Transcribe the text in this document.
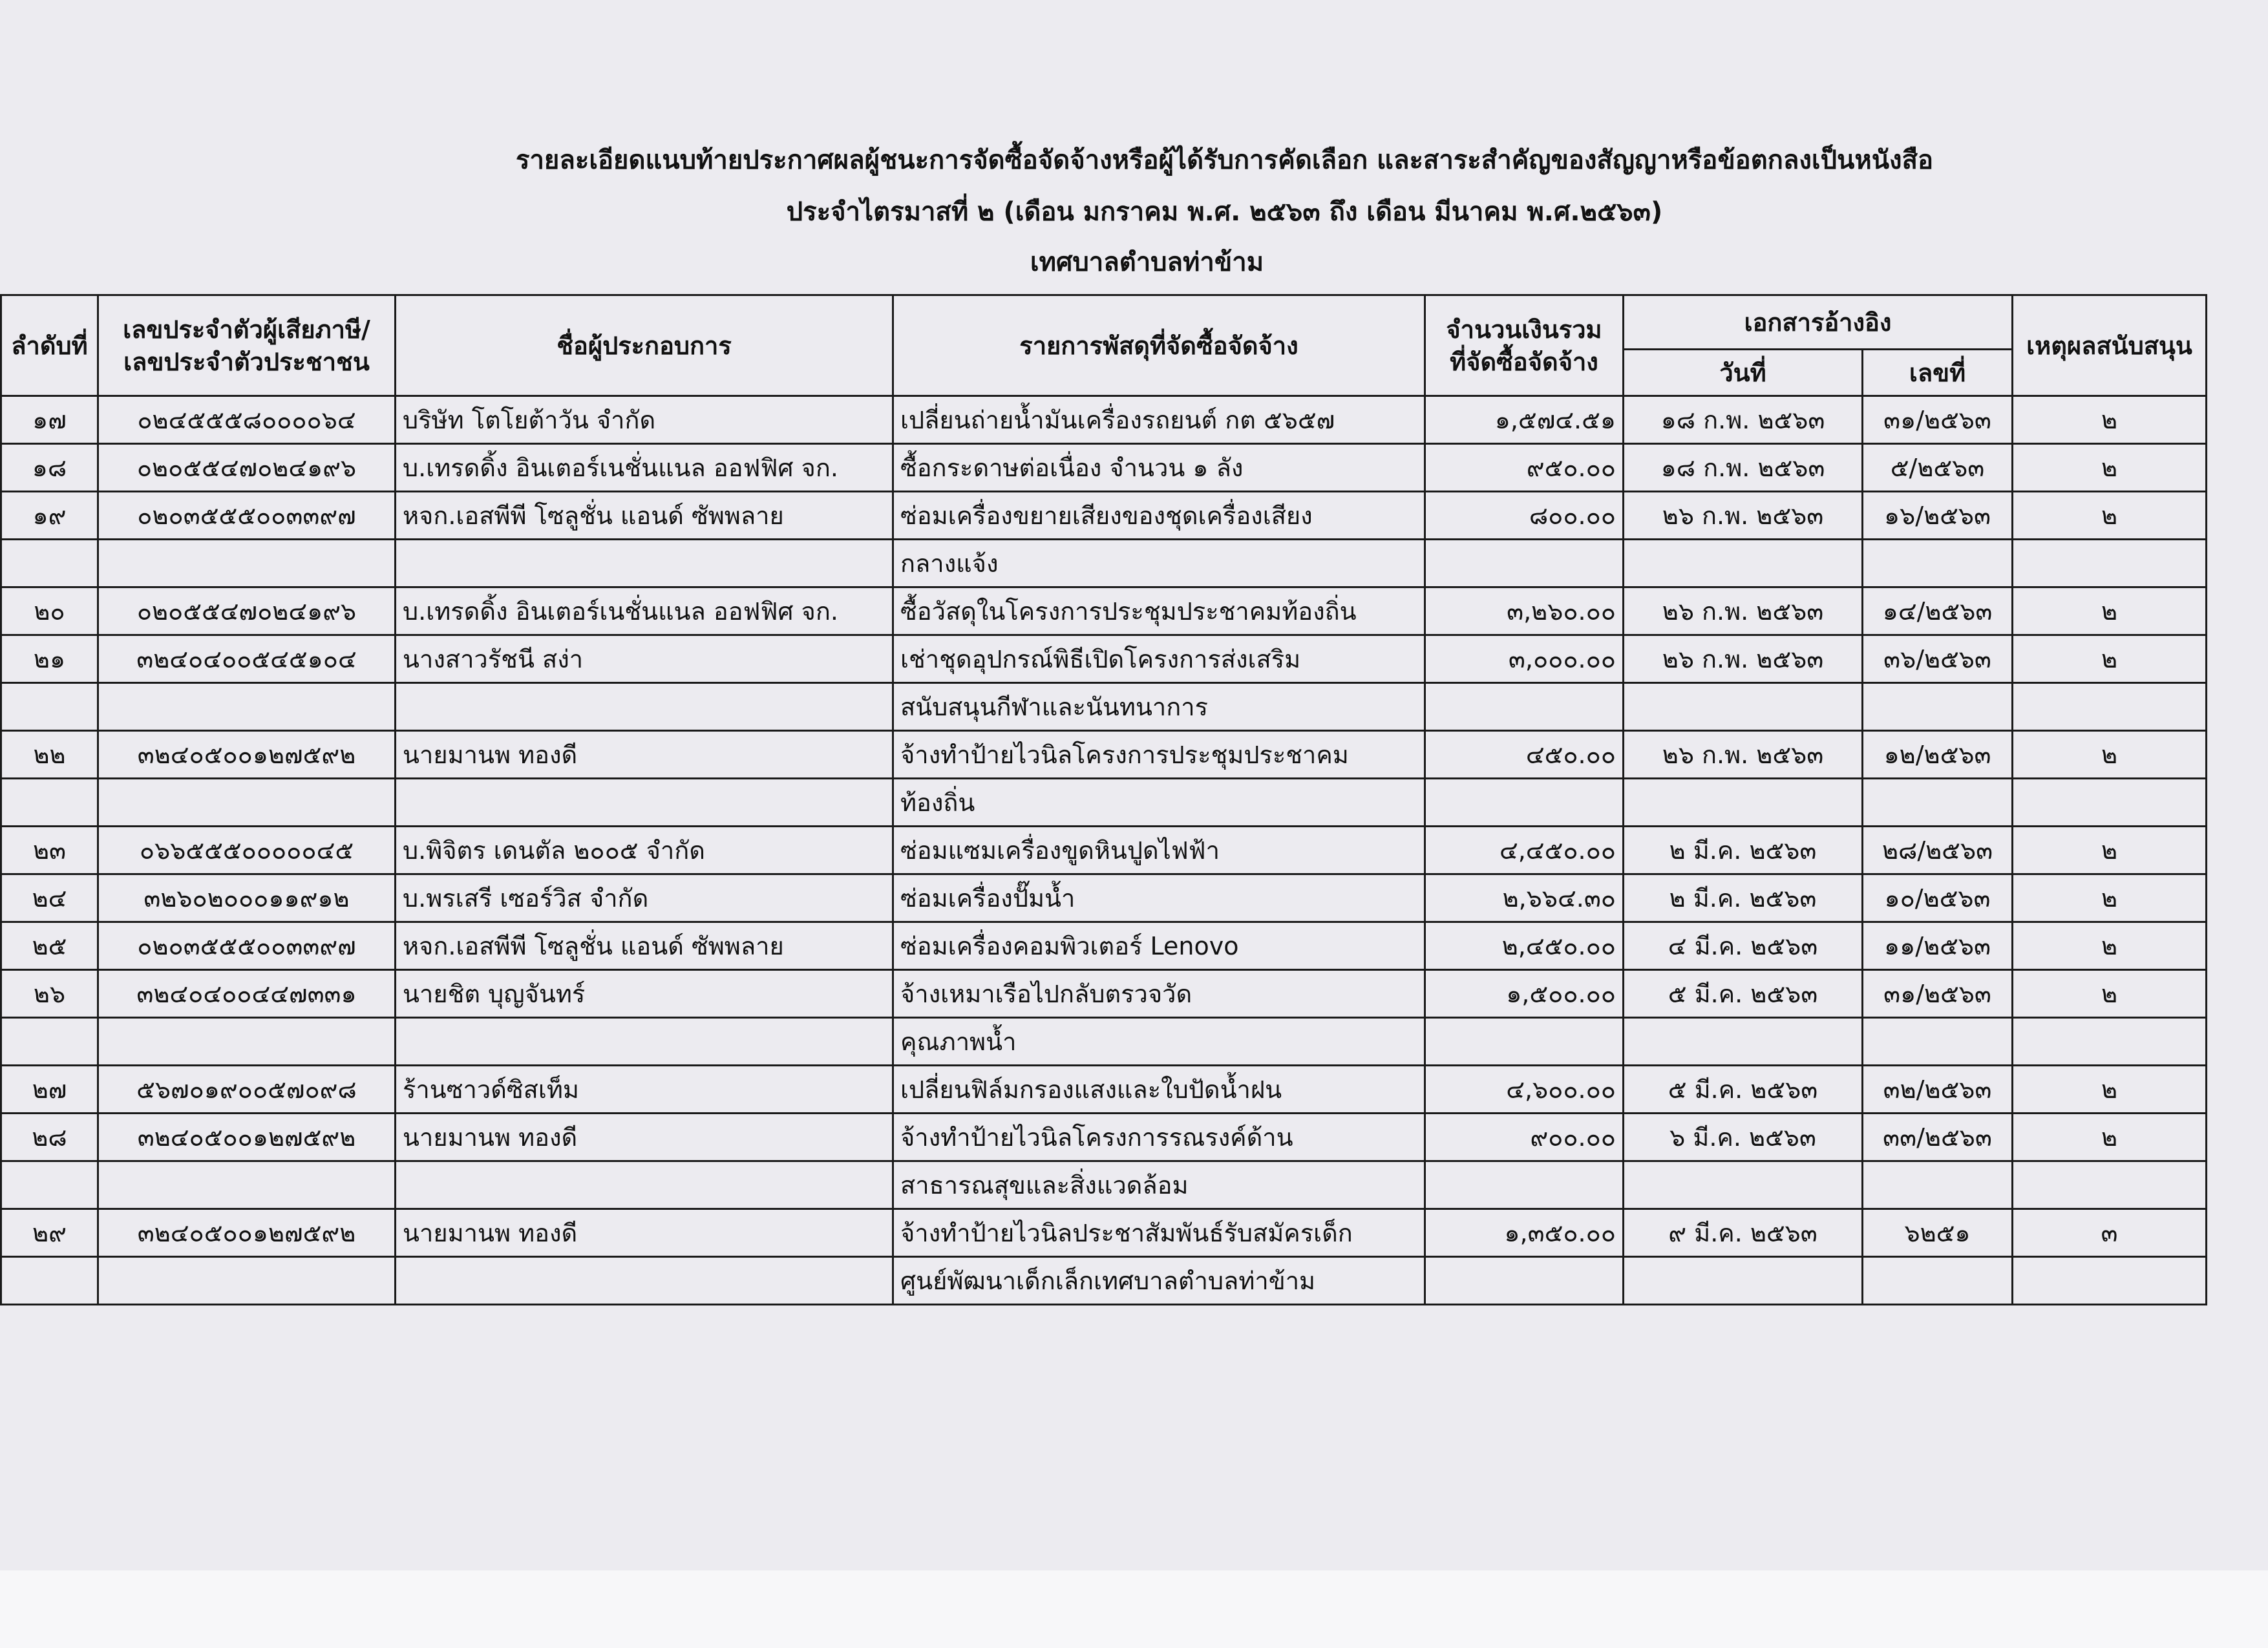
รายละเอียดแนบท้ายประกาศผลผู้ชนะการจัดซื้อจัดจ้างหรือผู้ได้รับการคัดเลือก และสาระสำคัญของสัญญาหรือข้อตกลงเป็นหนังสือ

ประจำไตรมาสที่ ๒ (เดือน มกราคม พ.ศ. ๒๕๖๓ ถึง เดือน มีนาคม พ.ศ.๒๕๖๓)

เทศบาลตำบลท่าข้าม

ลำดับที่	เลขประจำตัวผู้เสียภาษี/
เลขประจำตัวประชาชน	ชื่อผู้ประกอบการ	รายการพัสดุที่จัดซื้อจัดจ้าง	จำนวนเงินรวม
ที่จัดซื้อจัดจ้าง	เอกสารอ้างอิง		เหตุผลสนับสนุน
					วันที่	เลขที่	
๑๗	๐๒๔๕๕๕๘๐๐๐๐๖๔	บริษัท โตโยต้าวัน จำกัด	เปลี่ยนถ่ายน้ำมันเครื่องรถยนต์ กต ๕๖๕๗	๑,๕๗๔.๕๑	๑๘ ก.พ. ๒๕๖๓	๓๑/๒๕๖๓	๒
๑๘	๐๒๐๕๕๔๗๐๒๔๑๙๖	บ.เทรดดิ้ง อินเตอร์เนชั่นแนล ออฟฟิศ จก.	ซื้อกระดาษต่อเนื่อง จำนวน ๑ ลัง	๙๕๐.๐๐	๑๘ ก.พ. ๒๕๖๓	๕/๒๕๖๓	๒
๑๙	๐๒๐๓๕๕๕๐๐๓๓๙๗	หจก.เอสพีพี โซลูชั่น แอนด์ ซัพพลาย	ซ่อมเครื่องขยายเสียงของชุดเครื่องเสียง	๘๐๐.๐๐	๒๖ ก.พ. ๒๕๖๓	๑๖/๒๕๖๓	๒
			กลางแจ้ง				
๒๐	๐๒๐๕๕๔๗๐๒๔๑๙๖	บ.เทรดดิ้ง อินเตอร์เนชั่นแนล ออฟฟิศ จก.	ซื้อวัสดุในโครงการประชุมประชาคมท้องถิ่น	๓,๒๖๐.๐๐	๒๖ ก.พ. ๒๕๖๓	๑๔/๒๕๖๓	๒
๒๑	๓๒๔๐๔๐๐๕๔๕๑๐๔	นางสาวรัชนี สง่า	เช่าชุดอุปกรณ์พิธีเปิดโครงการส่งเสริม	๓,๐๐๐.๐๐	๒๖ ก.พ. ๒๕๖๓	๓๖/๒๕๖๓	๒
			สนับสนุนกีฬาและนันทนาการ				
๒๒	๓๒๔๐๕๐๐๑๒๗๕๙๒	นายมานพ ทองดี	จ้างทำป้ายไวนิลโครงการประชุมประชาคม	๔๕๐.๐๐	๒๖ ก.พ. ๒๕๖๓	๑๒/๒๕๖๓	๒
			ท้องถิ่น				
๒๓	๐๖๖๕๕๕๐๐๐๐๐๔๕	บ.พิจิตร เดนตัล ๒๐๐๕ จำกัด	ซ่อมแซมเครื่องขูดหินปูดไฟฟ้า	๔,๔๕๐.๐๐	๒ มี.ค. ๒๕๖๓	๒๘/๒๕๖๓	๒
๒๔	๓๒๖๐๒๐๐๐๑๑๙๑๒	บ.พรเสรี เซอร์วิส จำกัด	ซ่อมเครื่องปั๊มน้ำ	๒,๖๖๔.๓๐	๒ มี.ค. ๒๕๖๓	๑๐/๒๕๖๓	๒
๒๕	๐๒๐๓๕๕๕๐๐๓๓๙๗	หจก.เอสพีพี โซลูชั่น แอนด์ ซัพพลาย	ซ่อมเครื่องคอมพิวเตอร์ Lenovo	๒,๔๕๐.๐๐	๔ มี.ค. ๒๕๖๓	๑๑/๒๕๖๓	๒
๒๖	๓๒๔๐๔๐๐๔๔๗๓๓๑	นายชิต บุญจันทร์	จ้างเหมาเรือไปกลับตรวจวัด	๑,๕๐๐.๐๐	๕ มี.ค. ๒๕๖๓	๓๑/๒๕๖๓	๒
			คุณภาพน้ำ				
๒๗	๕๖๗๐๑๙๐๐๕๗๐๙๘	ร้านซาวด์ซิสเท็ม	เปลี่ยนฟิล์มกรองแสงและใบปัดน้ำฝน	๔,๖๐๐.๐๐	๕ มี.ค. ๒๕๖๓	๓๒/๒๕๖๓	๒
๒๘	๓๒๔๐๕๐๐๑๒๗๕๙๒	นายมานพ ทองดี	จ้างทำป้ายไวนิลโครงการรณรงค์ด้าน	๙๐๐.๐๐	๖ มี.ค. ๒๕๖๓	๓๓/๒๕๖๓	๒
			สาธารณสุขและสิ่งแวดล้อม				
๒๙	๓๒๔๐๕๐๐๑๒๗๕๙๒	นายมานพ ทองดี	จ้างทำป้ายไวนิลประชาสัมพันธ์รับสมัครเด็ก	๑,๓๕๐.๐๐	๙ มี.ค. ๒๕๖๓	๖๒๕๑	๓
			ศูนย์พัฒนาเด็กเล็กเทศบาลตำบลท่าข้าม				
